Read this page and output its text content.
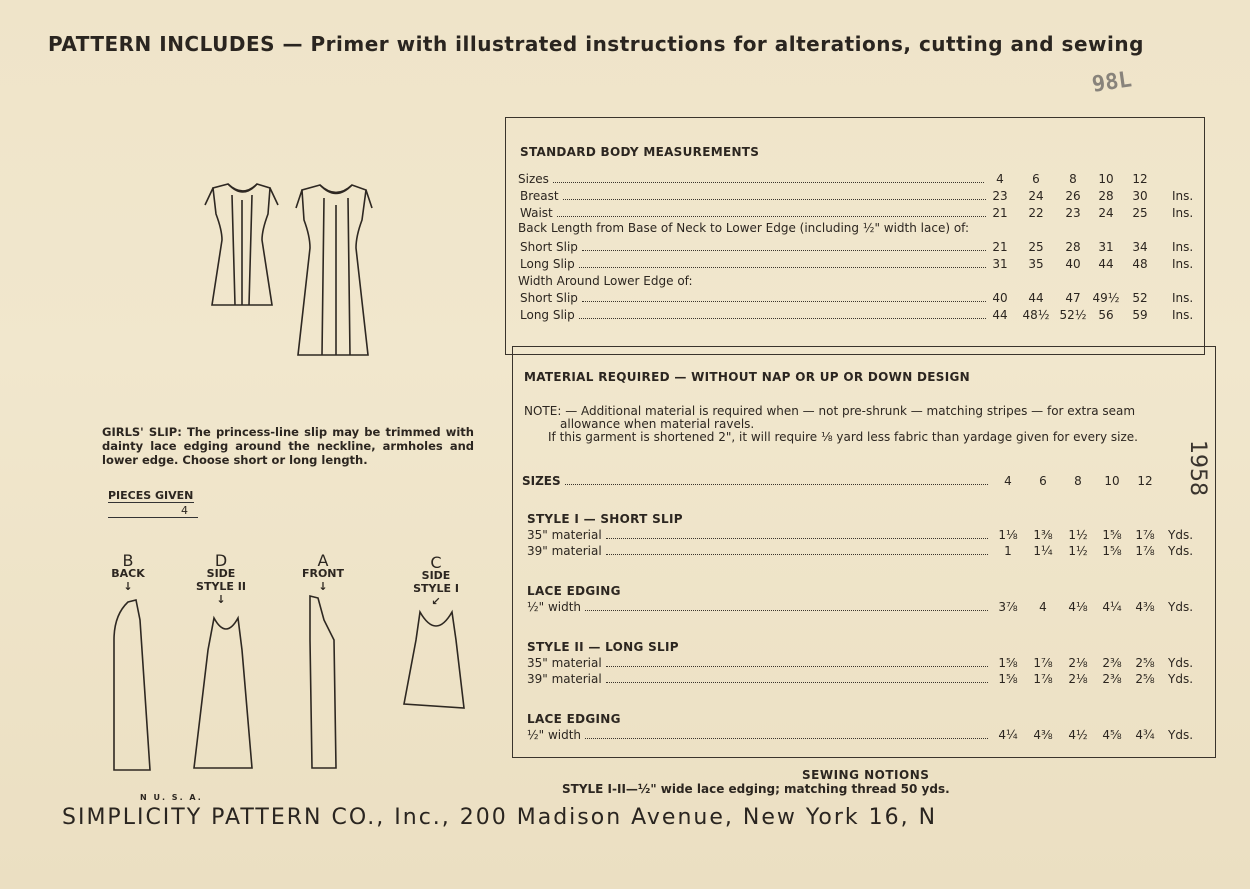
PATTERN INCLUDES — Primer with illustrated instructions for alterations, cutting and sewing
98L
1958
STANDARD BODY MEASUREMENTS
Sizes	4	6	8	10	12
Breast	23	24	26	28	30	Ins.
Waist	21	22	23	24	25	Ins.
Back Length from Base of Neck to Lower Edge (including ½" width lace) of:
Short Slip	21	25	28	31	34	Ins.
Long Slip	31	35	40	44	48	Ins.
Width Around Lower Edge of:
Short Slip	40	44	47 49½	52	Ins.
Long Slip	44	48½ 52½ 56	59	Ins.
MATERIAL REQUIRED — WITHOUT NAP OR UP OR DOWN DESIGN
NOTE: — Additional material is required when — not pre-shrunk — matching stripes — for extra seam
allowance when material ravels.
If this garment is shortened 2", it will require ⅛ yard less fabric than yardage given for every size.
SIZES	4	6	8	10	12
STYLE I — SHORT SLIP
35" material	1⅛	1⅜	1½	1⅝	1⅞	Yds.
39" material	1	1¼	1½	1⅝	1⅞	Yds.
LACE EDGING
½" width	3⅞	4	4⅛	4¼	4⅜	Yds.
STYLE II — LONG SLIP
35" material	1⅝	1⅞	2⅛	2⅜	2⅝	Yds.
39" material	1⅝	1⅞	2⅛	2⅜	2⅝	Yds.
LACE EDGING
½" width	4¼	4⅜	4½	4⅝	4¾	Yds.
GIRLS' SLIP: The princess-line slip may be trimmed with dainty lace edging around the neckline, armholes and lower edge. Choose short or long length.
PIECES GIVEN
4
B
BACK
↓
D
SIDE STYLE II
↓
A
FRONT
↓
C
SIDE STYLE I
↙
N U. S. A.
SEWING NOTIONS
STYLE I-II—½" wide lace edging; matching thread 50 yds.
SIMPLICITY PATTERN CO., Inc., 200 Madison Avenue, New York 16, N
